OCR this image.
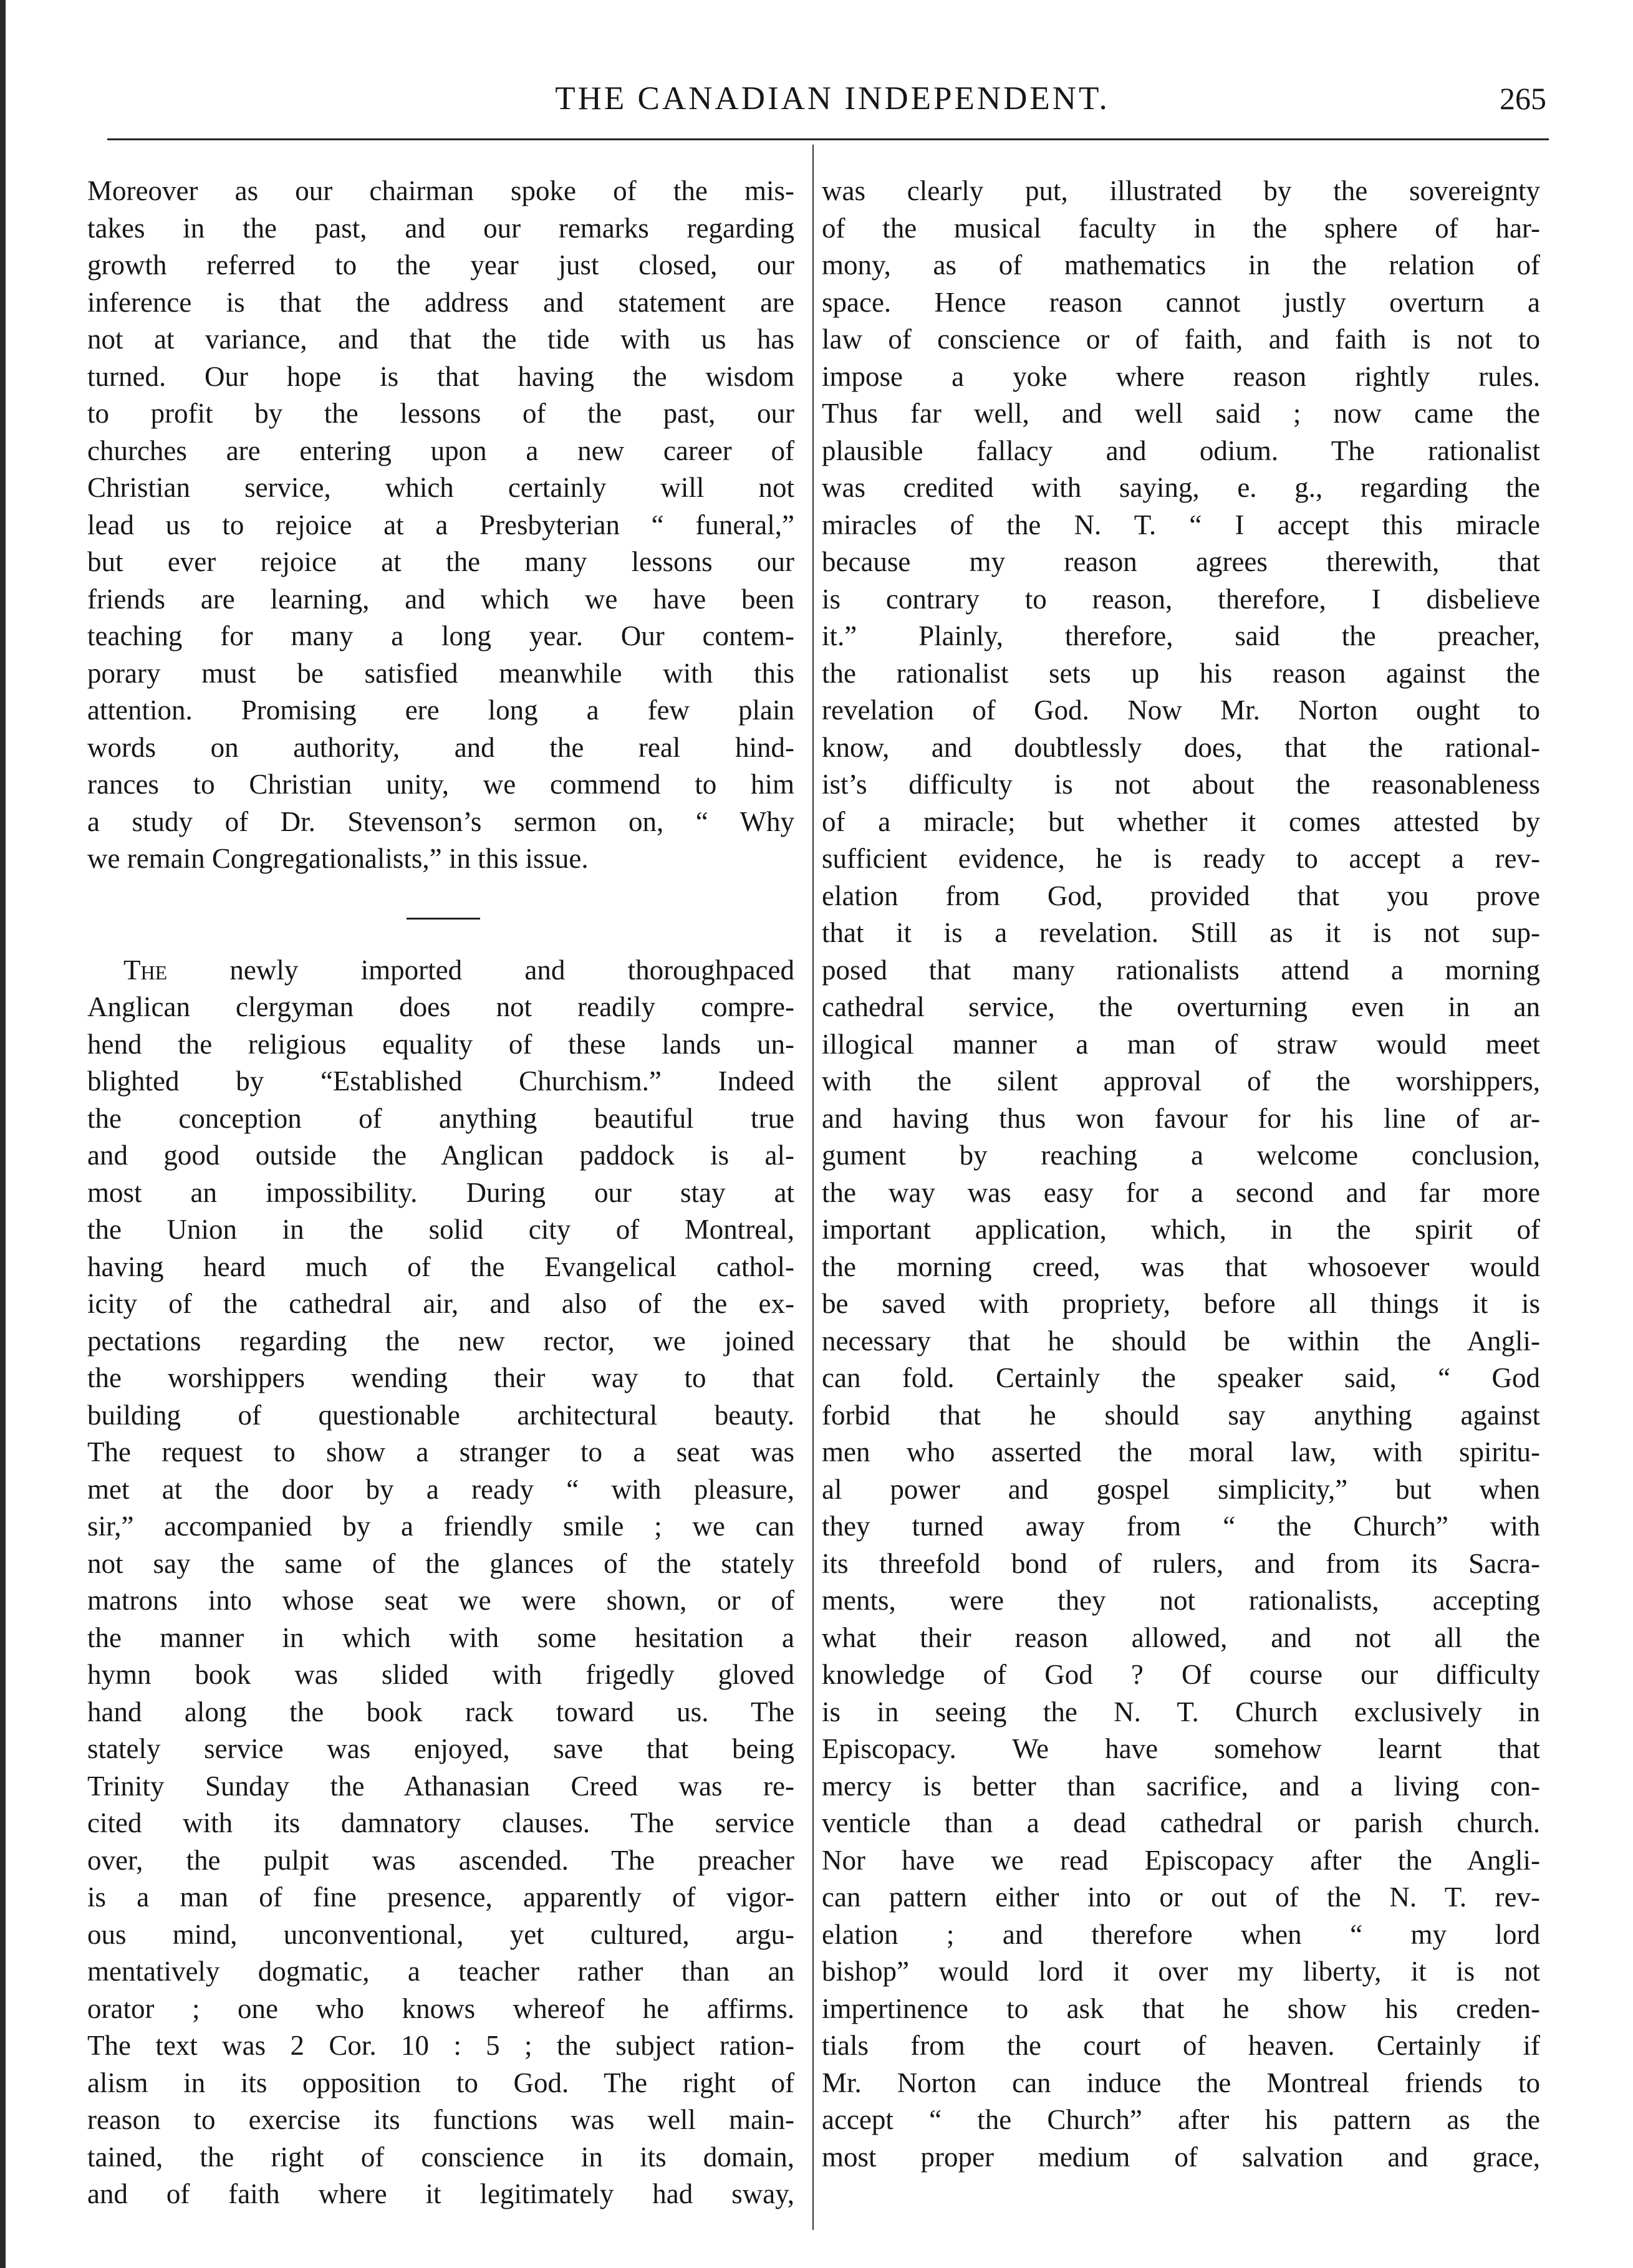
THE CANADIAN INDEPENDENT.	265
Moreover as our chairman spoke of the mis-
takes in the past, and our remarks regarding
growth referred to the year just closed, our
inference is that the address and statement are
not at variance, and that the tide with us has
turned. Our hope is that having the wisdom
to profit by the lessons of the past, our
churches are entering upon a new career of
Christian service, which certainly will not
lead us to rejoice at a Presbyterian “ funeral,”
but ever rejoice at the many lessons our
friends are learning, and which we have been
teaching for many a long year. Our contem-
porary must be satisfied meanwhile with this
attention. Promising ere long a few plain
words on authority, and the real hind-
rances to Christian unity, we commend to him
a study of Dr. Stevenson’s sermon on, “ Why
we remain Congregationalists,” in this issue.
The newly imported and thoroughpaced
Anglican clergyman does not readily compre-
hend the religious equality of these lands un-
blighted by “Established Churchism.” Indeed
the conception of anything beautiful true
and good outside the Anglican paddock is al-
most an impossibility. During our stay at
the Union in the solid city of Montreal,
having heard much of the Evangelical cathol-
icity of the cathedral air, and also of the ex-
pectations regarding the new rector, we joined
the worshippers wending their way to that
building of questionable architectural beauty.
The request to show a stranger to a seat was
met at the door by a ready “ with pleasure,
sir,” accompanied by a friendly smile ; we can
not say the same of the glances of the stately
matrons into whose seat we were shown, or of
the manner in which with some hesitation a
hymn book was slided with frigedly gloved
hand along the book rack toward us. The
stately service was enjoyed, save that being
Trinity Sunday the Athanasian Creed was re-
cited with its damnatory clauses. The service
over, the pulpit was ascended. The preacher
is a man of fine presence, apparently of vigor-
ous mind, unconventional, yet cultured, argu-
mentatively dogmatic, a teacher rather than an
orator ; one who knows whereof he affirms.
The text was 2 Cor. 10 : 5 ; the subject ration-
alism in its opposition to God. The right of
reason to exercise its functions was well main-
tained, the right of conscience in its domain,
and of faith where it legitimately had sway,
was clearly put, illustrated by the sovereignty
of the musical faculty in the sphere of har-
mony, as of mathematics in the relation of
space. Hence reason cannot justly overturn a
law of conscience or of faith, and faith is not to
impose a yoke where reason rightly rules.
Thus far well, and well said ; now came the
plausible fallacy and odium. The rationalist
was credited with saying, e. g., regarding the
miracles of the N. T. “ I accept this miracle
because my reason agrees therewith, that
is contrary to reason, therefore, I disbelieve
it.” Plainly, therefore, said the preacher,
the rationalist sets up his reason against the
revelation of God. Now Mr. Norton ought to
know, and doubtlessly does, that the rational-
ist’s difficulty is not about the reasonableness
of a miracle; but whether it comes attested by
sufficient evidence, he is ready to accept a rev-
elation from God, provided that you prove
that it is a revelation. Still as it is not sup-
posed that many rationalists attend a morning
cathedral service, the overturning even in an
illogical manner a man of straw would meet
with the silent approval of the worshippers,
and having thus won favour for his line of ar-
gument by reaching a welcome conclusion,
the way was easy for a second and far more
important application, which, in the spirit of
the morning creed, was that whosoever would
be saved with propriety, before all things it is
necessary that he should be within the Angli-
can fold. Certainly the speaker said, “ God
forbid that he should say anything against
men who asserted the moral law, with spiritu-
al power and gospel simplicity,” but when
they turned away from “ the Church” with
its threefold bond of rulers, and from its Sacra-
ments, were they not rationalists, accepting
what their reason allowed, and not all the
knowledge of God ? Of course our difficulty
is in seeing the N. T. Church exclusively in
Episcopacy. We have somehow learnt that
mercy is better than sacrifice, and a living con-
venticle than a dead cathedral or parish church.
Nor have we read Episcopacy after the Angli-
can pattern either into or out of the N. T. rev-
elation ; and therefore when “ my lord
bishop” would lord it over my liberty, it is not
impertinence to ask that he show his creden-
tials from the court of heaven. Certainly if
Mr. Norton can induce the Montreal friends to
accept “ the Church” after his pattern as the
most proper medium of salvation and grace,
